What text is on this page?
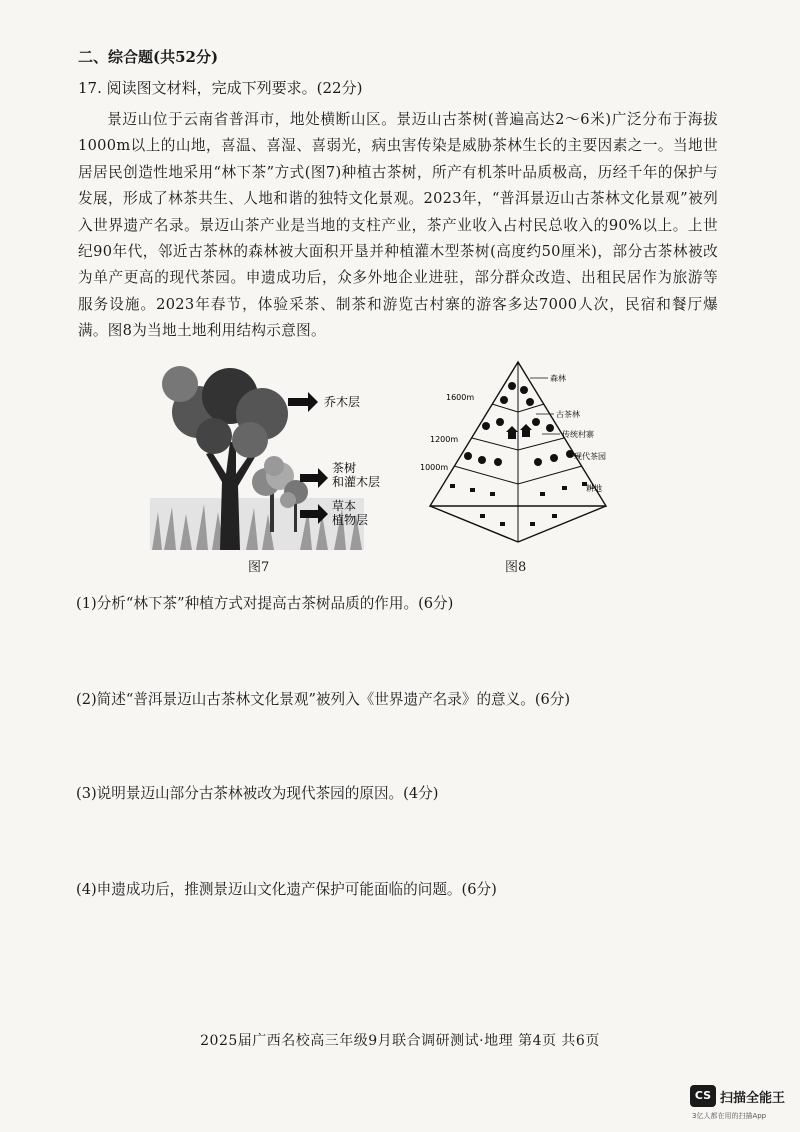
二、综合题(共52分)
17. 阅读图文材料，完成下列要求。(22分)
景迈山位于云南省普洱市，地处横断山区。景迈山古茶树(普遍高达2～6米)广泛分布于海拔1000m以上的山地，喜温、喜湿、喜弱光，病虫害传染是威胁茶林生长的主要因素之一。当地世居居民创造性地采用“林下茶”方式(图7)种植古茶树，所产有机茶叶品质极高，历经千年的保护与发展，形成了林茶共生、人地和谐的独特文化景观。2023年，“普洱景迈山古茶林文化景观”被列入世界遗产名录。景迈山茶产业是当地的支柱产业，茶产业收入占村民总收入的90%以上。上世纪90年代，邻近古茶林的森林被大面积开垦并种植灌木型茶树(高度约50厘米)，部分古茶林被改为单产更高的现代茶园。申遗成功后，众多外地企业进驻，部分群众改造、出租民居作为旅游等服务设施。2023年春节，体验采茶、制茶和游览古村寨的游客多达7000人次，民宿和餐厅爆满。图8为当地土地利用结构示意图。
乔木层
茶树
和灌木层
草本
植物层
图7
1600m
1200m
1000m
森林
古茶林
传统村寨
现代茶园
耕地
图8
(1)分析“林下茶”种植方式对提高古茶树品质的作用。(6分)
(2)简述“普洱景迈山古茶林文化景观”被列入《世界遗产名录》的意义。(6分)
(3)说明景迈山部分古茶林被改为现代茶园的原因。(4分)
(4)申遗成功后，推测景迈山文化遗产保护可能面临的问题。(6分)
2025届广西名校高三年级9月联合调研测试·地理 第4页 共6页
CS 扫描全能王
3亿人都在用的扫描App
